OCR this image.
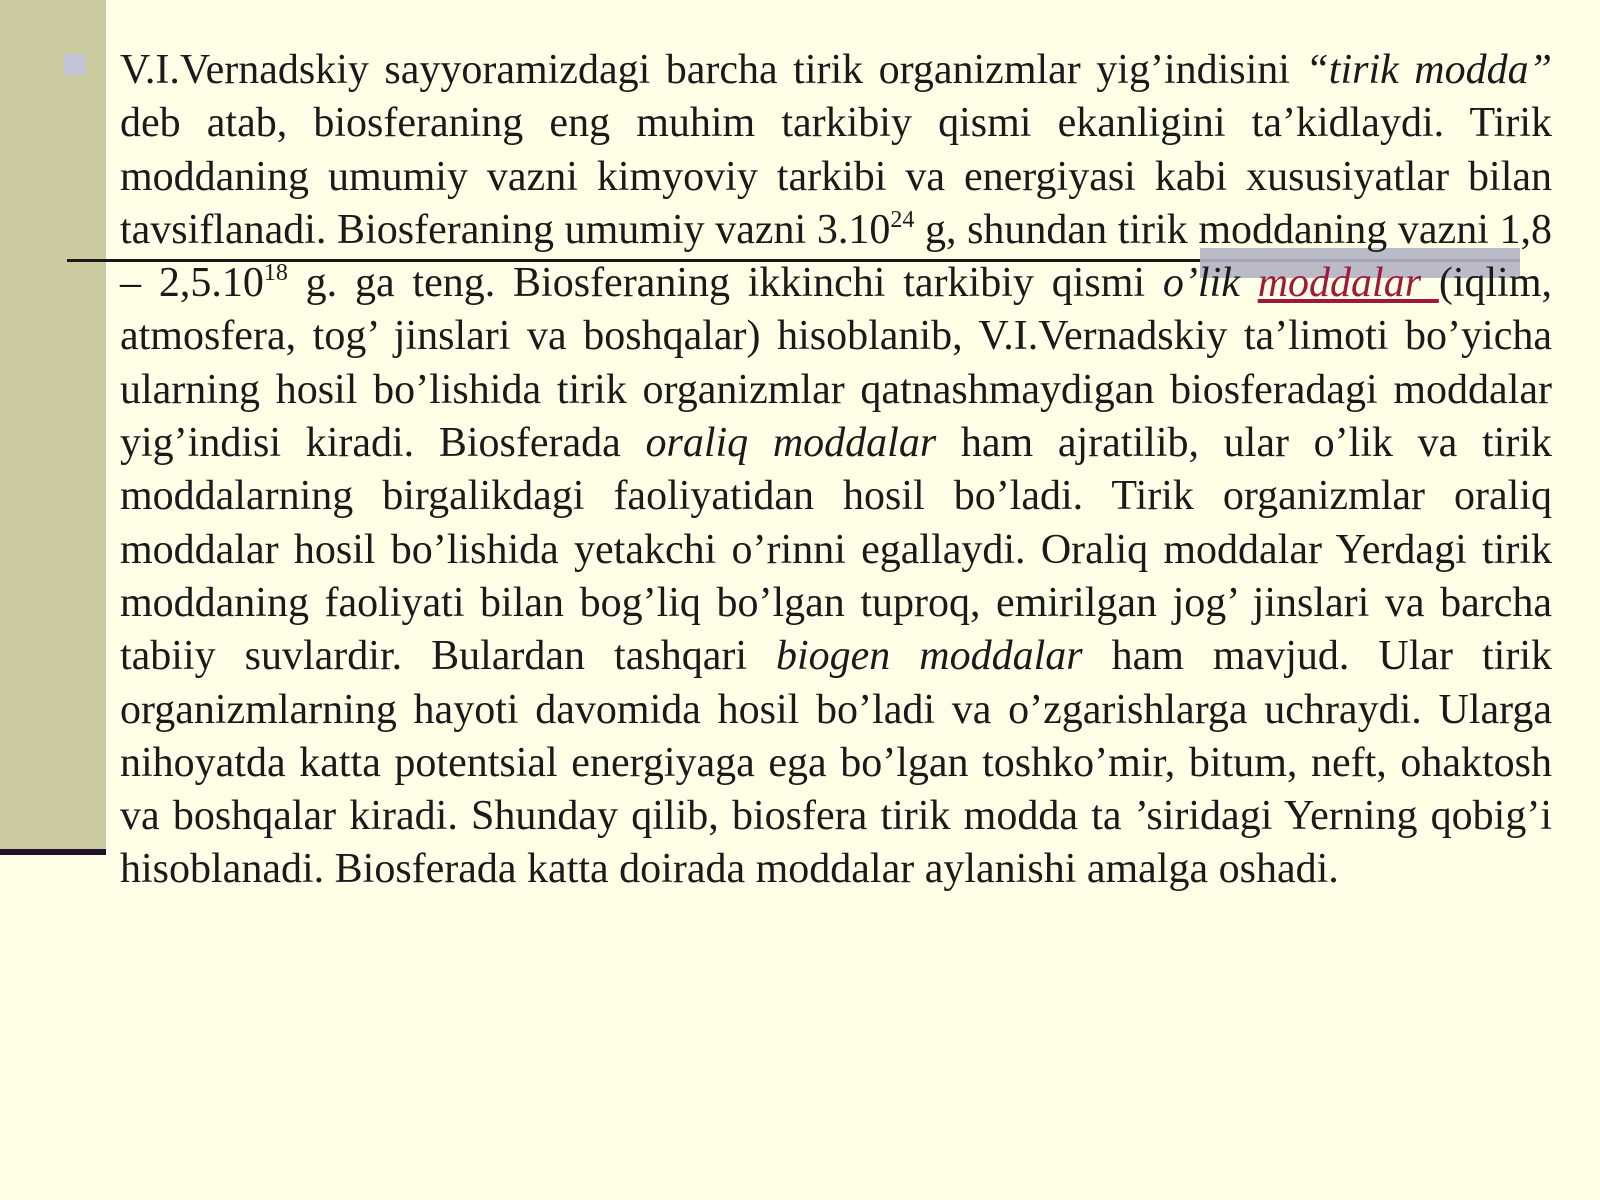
V.I.Vernadskiy sayyoramizdagi barcha tirik organizmlar yig’indisini “tirik modda” deb atab, biosferaning eng muhim tarkibiy qismi ekanligini ta’kidlaydi. Tirik moddaning umumiy vazni kimyoviy tarkibi va energiyasi kabi xususiyatlar bilan tavsiflanadi. Biosferaning umumiy vazni 3.10$^{24}$ g, shundan tirik moddaning vazni 1,8 – 2,5.10$^{18}$ g. ga teng. Biosferaning ikkinchi tarkibiy qismi o’lik moddalar (iqlim, atmosfera, tog’ jinslari va boshqalar) hisoblanib, V.I.Vernadskiy ta’limoti bo’yicha ularning hosil bo’lishida tirik organizmlar qatnashmaydigan biosferadagi moddalar yig’indisi kiradi. Biosferada oraliq moddalar ham ajratilib, ular o’lik va tirik moddalarning birgalikdagi faoliyatidan hosil bo’ladi. Tirik organizmlar oraliq moddalar hosil bo’lishida yetakchi o’rinni egallaydi. Oraliq moddalar Yerdagi tirik moddaning faoliyati bilan bog’liq bo’lgan tuproq, emirilgan jog’ jinslari va barcha tabiiy suvlardir. Bulardan tashqari biogen moddalar ham mavjud. Ular tirik organizmlarning hayoti davomida hosil bo’ladi va o’zgarishlarga uchraydi. Ularga nihoyatda katta potentsial energiyaga ega bo’lgan toshko’mir, bitum, neft, ohaktosh va boshqalar kiradi. Shunday qilib, biosfera tirik modda ta ’siridagi Yerning qobig’i hisoblanadi. Biosferada katta doirada moddalar aylanishi amalga oshadi.
